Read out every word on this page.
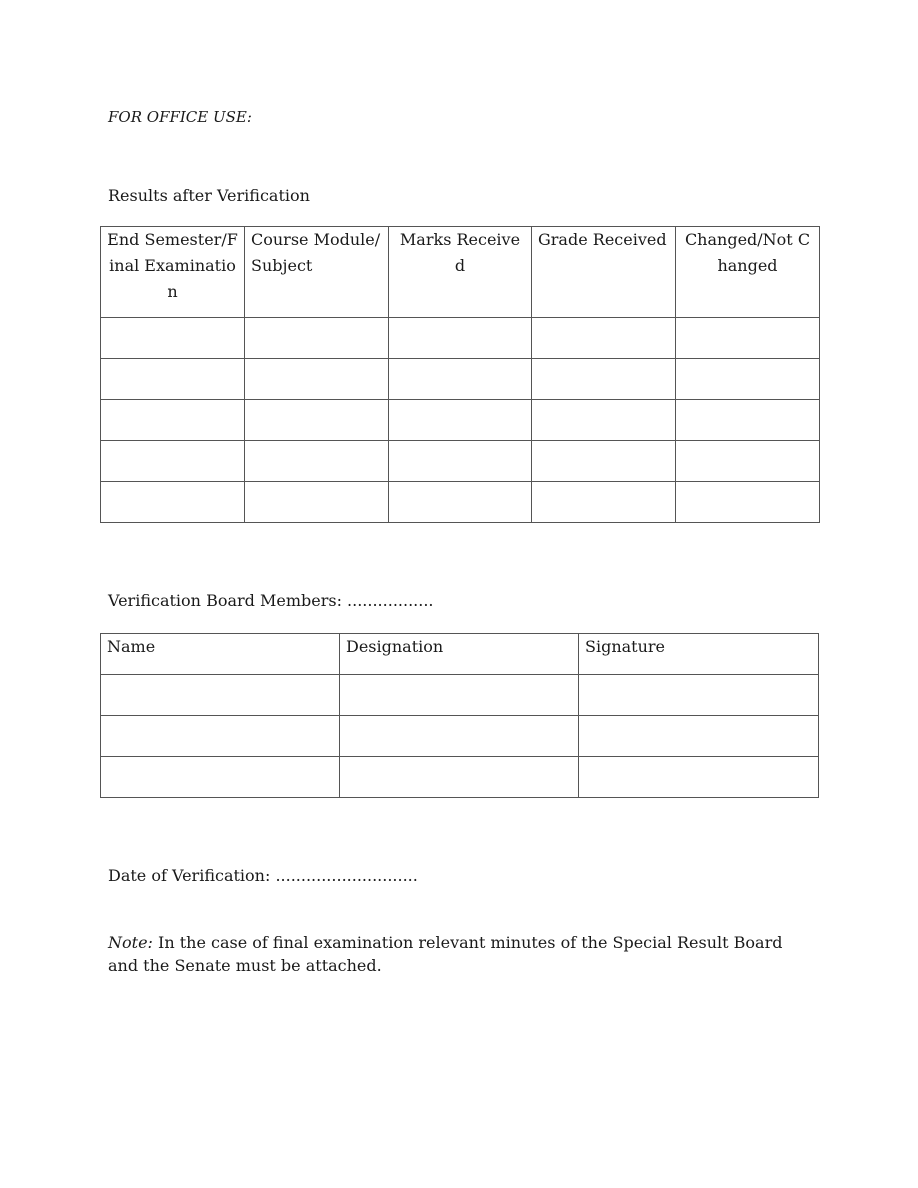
FOR OFFICE USE:
Results after Verification
End Semester/Final Examination	Course Module/Subject	Marks Received	Grade Received	Changed/Not Changed

Verification Board Members: .................
Name	Designation	Signature

Date of Verification: ............................
Note: In the case of final examination relevant minutes of the Special Result Board and the Senate must be attached.
